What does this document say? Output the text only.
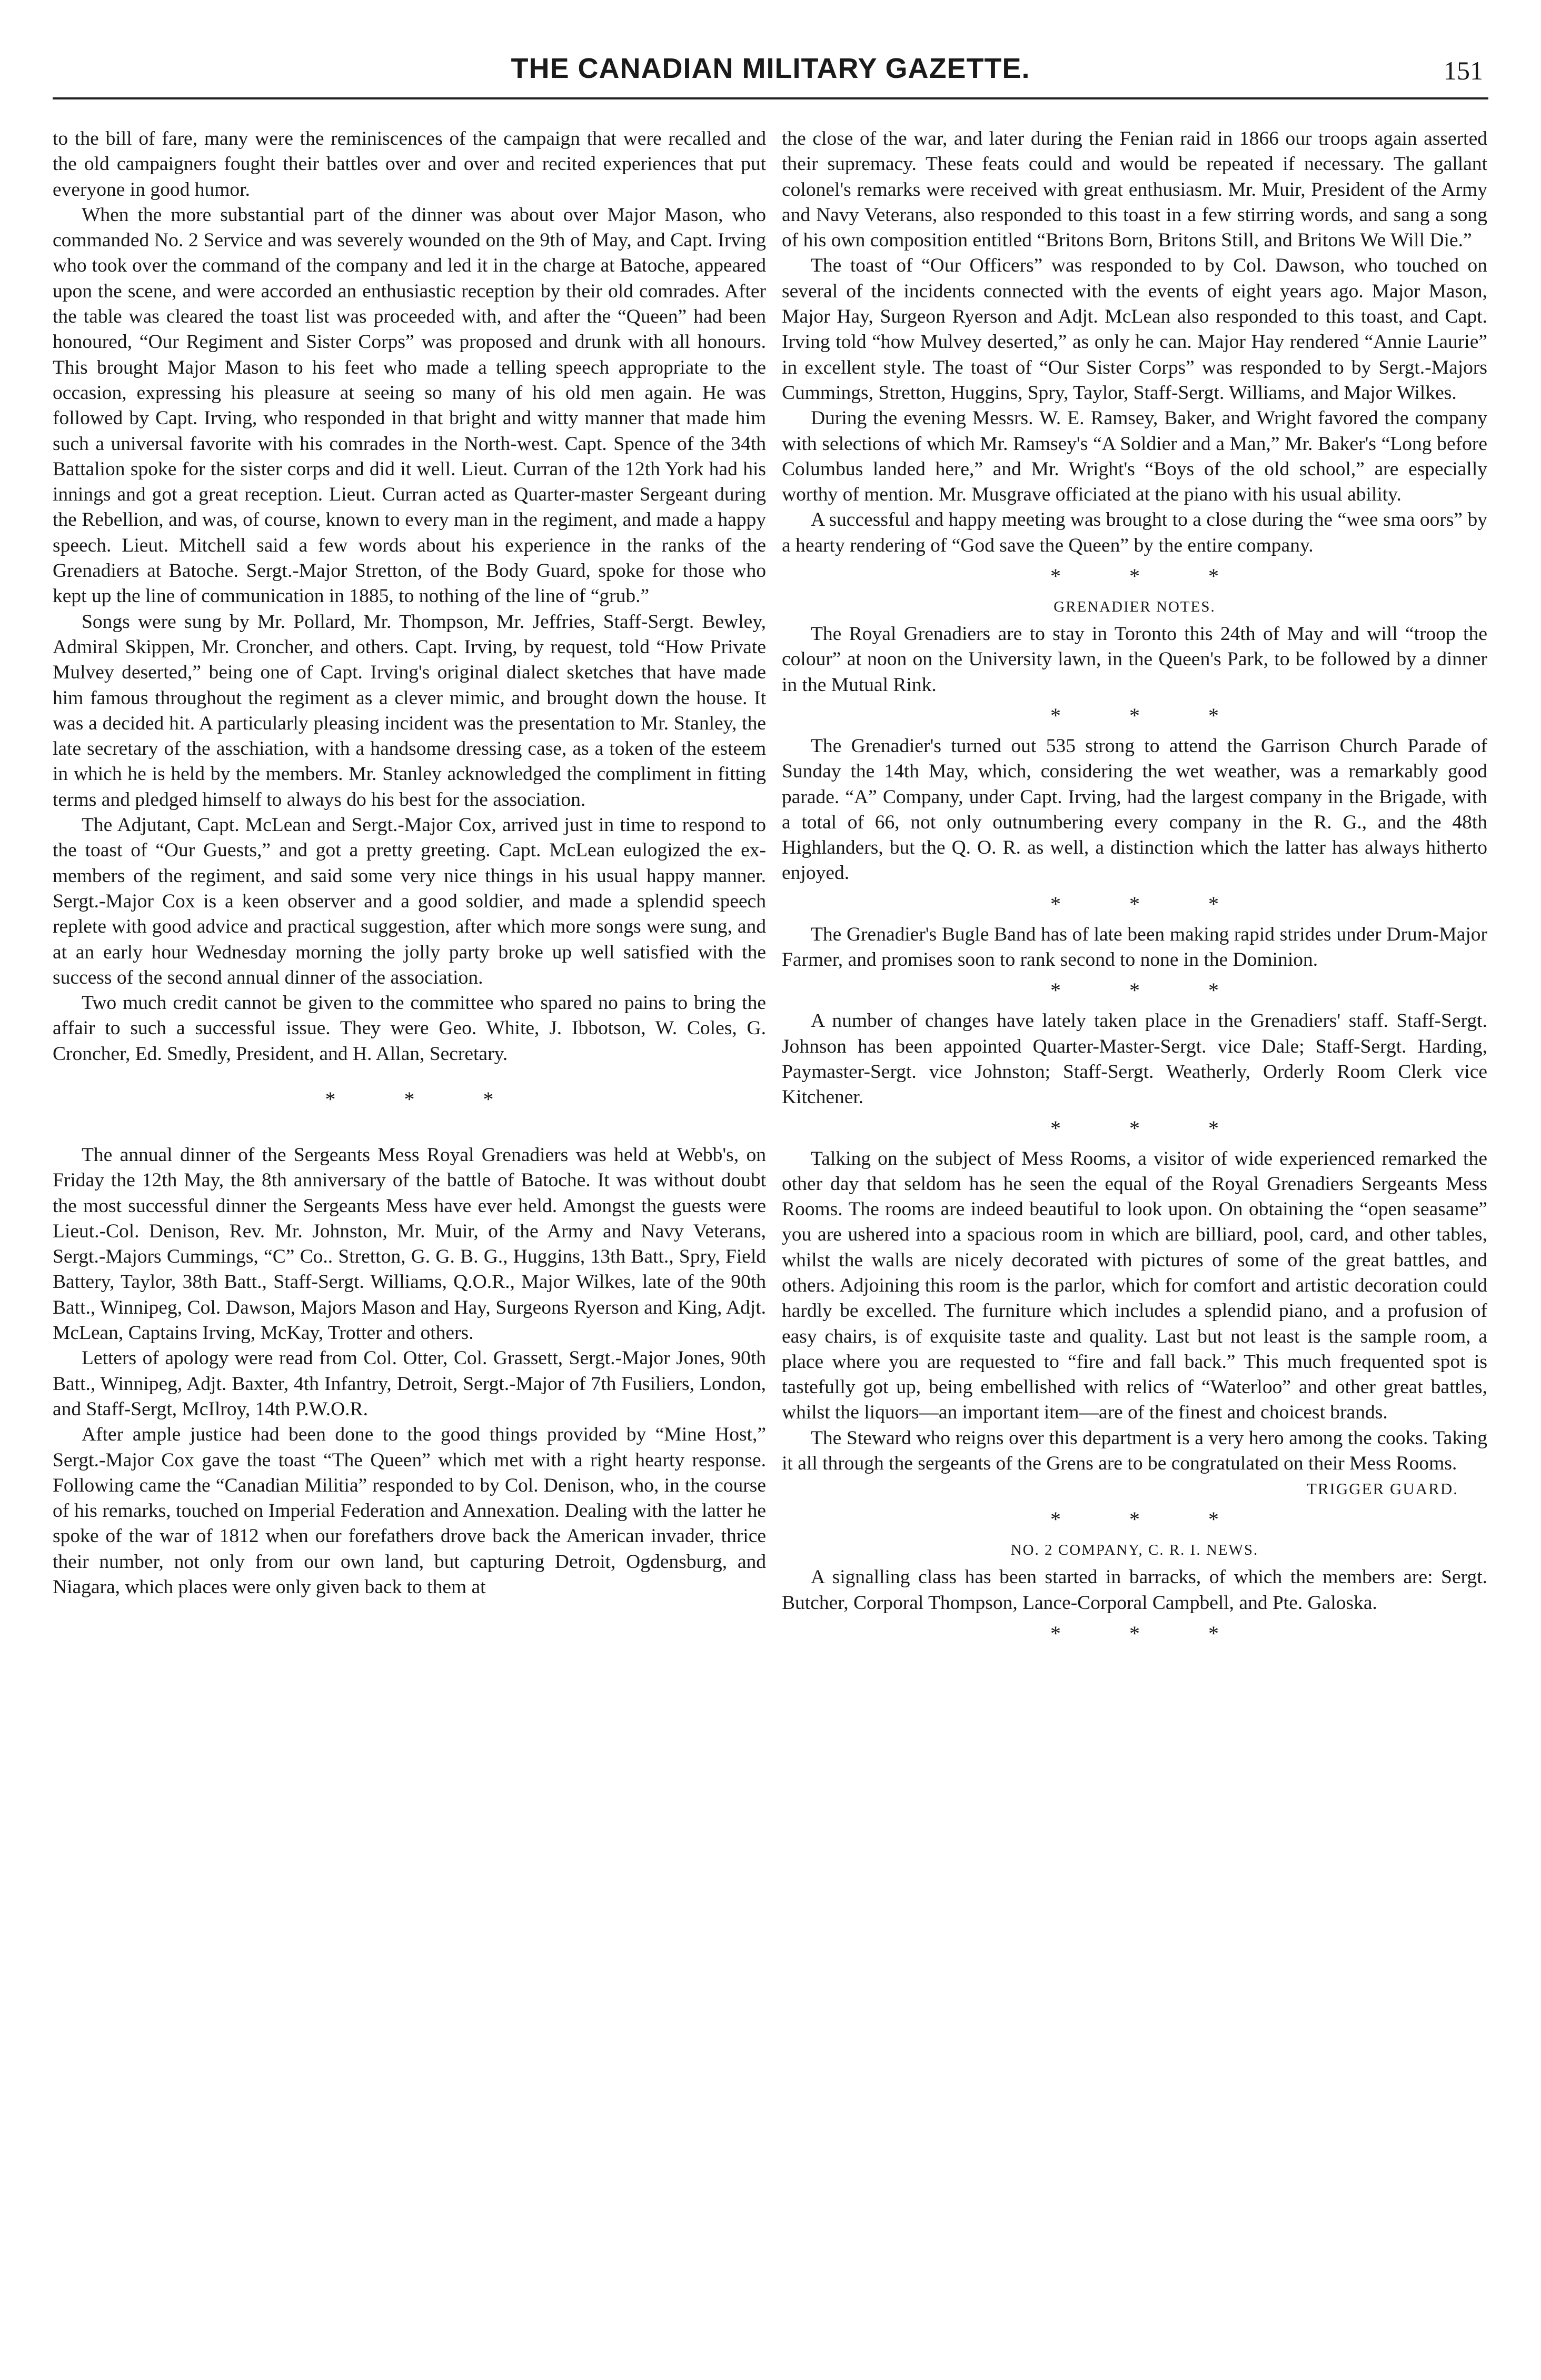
THE CANADIAN MILITARY GAZETTE.	151

to the bill of fare, many were the reminiscences of the campaign that were recalled and the old campaigners fought their battles over and over and recited experiences that put everyone in good humor.

When the more substantial part of the dinner was about over Major Mason, who commanded No. 2 Service and was severely wounded on the 9th of May, and Capt. Irving who took over the command of the company and led it in the charge at Batoche, appeared upon the scene, and were accorded an enthusiastic reception by their old comrades. After the table was cleared the toast list was proceeded with, and after the “Queen” had been honoured, “Our Regiment and Sister Corps” was proposed and drunk with all honours. This brought Major Mason to his feet who made a telling speech appropriate to the occasion, expressing his pleasure at seeing so many of his old men again. He was followed by Capt. Irving, who responded in that bright and witty manner that made him such a universal favorite with his comrades in the North-west. Capt. Spence of the 34th Battalion spoke for the sister corps and did it well. Lieut. Curran of the 12th York had his innings and got a great reception. Lieut. Curran acted as Quarter-master Sergeant during the Rebellion, and was, of course, known to every man in the regiment, and made a happy speech. Lieut. Mitchell said a few words about his experience in the ranks of the Grenadiers at Batoche. Sergt.-Major Stretton, of the Body Guard, spoke for those who kept up the line of communication in 1885, to nothing of the line of “grub.”

Songs were sung by Mr. Pollard, Mr. Thompson, Mr. Jeffries, Staff-Sergt. Bewley, Admiral Skippen, Mr. Croncher, and others. Capt. Irving, by request, told “How Private Mulvey deserted,” being one of Capt. Irving's original dialect sketches that have made him famous throughout the regiment as a clever mimic, and brought down the house. It was a decided hit. A particularly pleasing incident was the presentation to Mr. Stanley, the late secretary of the asschiation, with a handsome dressing case, as a token of the esteem in which he is held by the members. Mr. Stanley acknowledged the compliment in fitting terms and pledged himself to always do his best for the association.

The Adjutant, Capt. McLean and Sergt.-Major Cox, arrived just in time to respond to the toast of “Our Guests,” and got a pretty greeting. Capt. McLean eulogized the ex-members of the regiment, and said some very nice things in his usual happy manner. Sergt.-Major Cox is a keen observer and a good soldier, and made a splendid speech replete with good advice and practical suggestion, after which more songs were sung, and at an early hour Wednesday morning the jolly party broke up well satisfied with the success of the second annual dinner of the association.

Two much credit cannot be given to the committee who spared no pains to bring the affair to such a successful issue. They were Geo. White, J. Ibbotson, W. Coles, G. Croncher, Ed. Smedly, President, and H. Allan, Secretary.

* * *

The annual dinner of the Sergeants Mess Royal Grenadiers was held at Webb's, on Friday the 12th May, the 8th anniversary of the battle of Batoche. It was without doubt the most successful dinner the Sergeants Mess have ever held. Amongst the guests were Lieut.-Col. Denison, Rev. Mr. Johnston, Mr. Muir, of the Army and Navy Veterans, Sergt.-Majors Cummings, “C” Co.. Stretton, G. G. B. G., Huggins, 13th Batt., Spry, Field Battery, Taylor, 38th Batt., Staff-Sergt. Williams, Q.O.R., Major Wilkes, late of the 90th Batt., Winnipeg, Col. Dawson, Majors Mason and Hay, Surgeons Ryerson and King, Adjt. McLean, Captains Irving, McKay, Trotter and others.

Letters of apology were read from Col. Otter, Col. Grassett, Sergt.-Major Jones, 90th Batt., Winnipeg, Adjt. Baxter, 4th Infantry, Detroit, Sergt.-Major of 7th Fusiliers, London, and Staff-Sergt, McIlroy, 14th P.W.O.R.

After ample justice had been done to the good things provided by “Mine Host,” Sergt.-Major Cox gave the toast “The Queen” which met with a right hearty response. Following came the “Canadian Militia” responded to by Col. Denison, who, in the course of his remarks, touched on Imperial Federation and Annexation. Dealing with the latter he spoke of the war of 1812 when our forefathers drove back the American invader, thrice their number, not only from our own land, but capturing Detroit, Ogdensburg, and Niagara, which places were only given back to them at

the close of the war, and later during the Fenian raid in 1866 our troops again asserted their supremacy. These feats could and would be repeated if necessary. The gallant colonel's remarks were received with great enthusiasm. Mr. Muir, President of the Army and Navy Veterans, also responded to this toast in a few stirring words, and sang a song of his own composition entitled “Britons Born, Britons Still, and Britons We Will Die.”

The toast of “Our Officers” was responded to by Col. Dawson, who touched on several of the incidents connected with the events of eight years ago. Major Mason, Major Hay, Surgeon Ryerson and Adjt. McLean also responded to this toast, and Capt. Irving told “how Mulvey deserted,” as only he can. Major Hay rendered “Annie Laurie” in excellent style. The toast of “Our Sister Corps” was responded to by Sergt.-Majors Cummings, Stretton, Huggins, Spry, Taylor, Staff-Sergt. Williams, and Major Wilkes.

During the evening Messrs. W. E. Ramsey, Baker, and Wright favored the company with selections of which Mr. Ramsey's “A Soldier and a Man,” Mr. Baker's “Long before Columbus landed here,” and Mr. Wright's “Boys of the old school,” are especially worthy of mention. Mr. Musgrave officiated at the piano with his usual ability.

A successful and happy meeting was brought to a close during the “wee sma oors” by a hearty rendering of “God save the Queen” by the entire company.

* * *
GRENADIER NOTES.

The Royal Grenadiers are to stay in Toronto this 24th of May and will “troop the colour” at noon on the University lawn, in the Queen's Park, to be followed by a dinner in the Mutual Rink.

* * *

The Grenadier's turned out 535 strong to attend the Garrison Church Parade of Sunday the 14th May, which, considering the wet weather, was a remarkably good parade. “A” Company, under Capt. Irving, had the largest company in the Brigade, with a total of 66, not only outnumbering every company in the R. G., and the 48th Highlanders, but the Q. O. R. as well, a distinction which the latter has always hitherto enjoyed.

* * *

The Grenadier's Bugle Band has of late been making rapid strides under Drum-Major Farmer, and promises soon to rank second to none in the Dominion.

* * *

A number of changes have lately taken place in the Grenadiers' staff. Staff-Sergt. Johnson has been appointed Quarter-Master-Sergt. vice Dale; Staff-Sergt. Harding, Paymaster-Sergt. vice Johnston; Staff-Sergt. Weatherly, Orderly Room Clerk vice Kitchener.

* * *

Talking on the subject of Mess Rooms, a visitor of wide experienced remarked the other day that seldom has he seen the equal of the Royal Grenadiers Sergeants Mess Rooms. The rooms are indeed beautiful to look upon. On obtaining the “open seasame” you are ushered into a spacious room in which are billiard, pool, card, and other tables, whilst the walls are nicely decorated with pictures of some of the great battles, and others. Adjoining this room is the parlor, which for comfort and artistic decoration could hardly be excelled. The furniture which includes a splendid piano, and a profusion of easy chairs, is of exquisite taste and quality. Last but not least is the sample room, a place where you are requested to “fire and fall back.” This much frequented spot is tastefully got up, being embellished with relics of “Waterloo” and other great battles, whilst the liquors—an important item—are of the finest and choicest brands.

The Steward who reigns over this department is a very hero among the cooks. Taking it all through the sergeants of the Grens are to be congratulated on their Mess Rooms.

TRIGGER GUARD.

* * *
NO. 2 COMPANY, C. R. I. NEWS.

A signalling class has been started in barracks, of which the members are: Sergt. Butcher, Corporal Thompson, Lance-Corporal Campbell, and Pte. Galoska.

* * *
